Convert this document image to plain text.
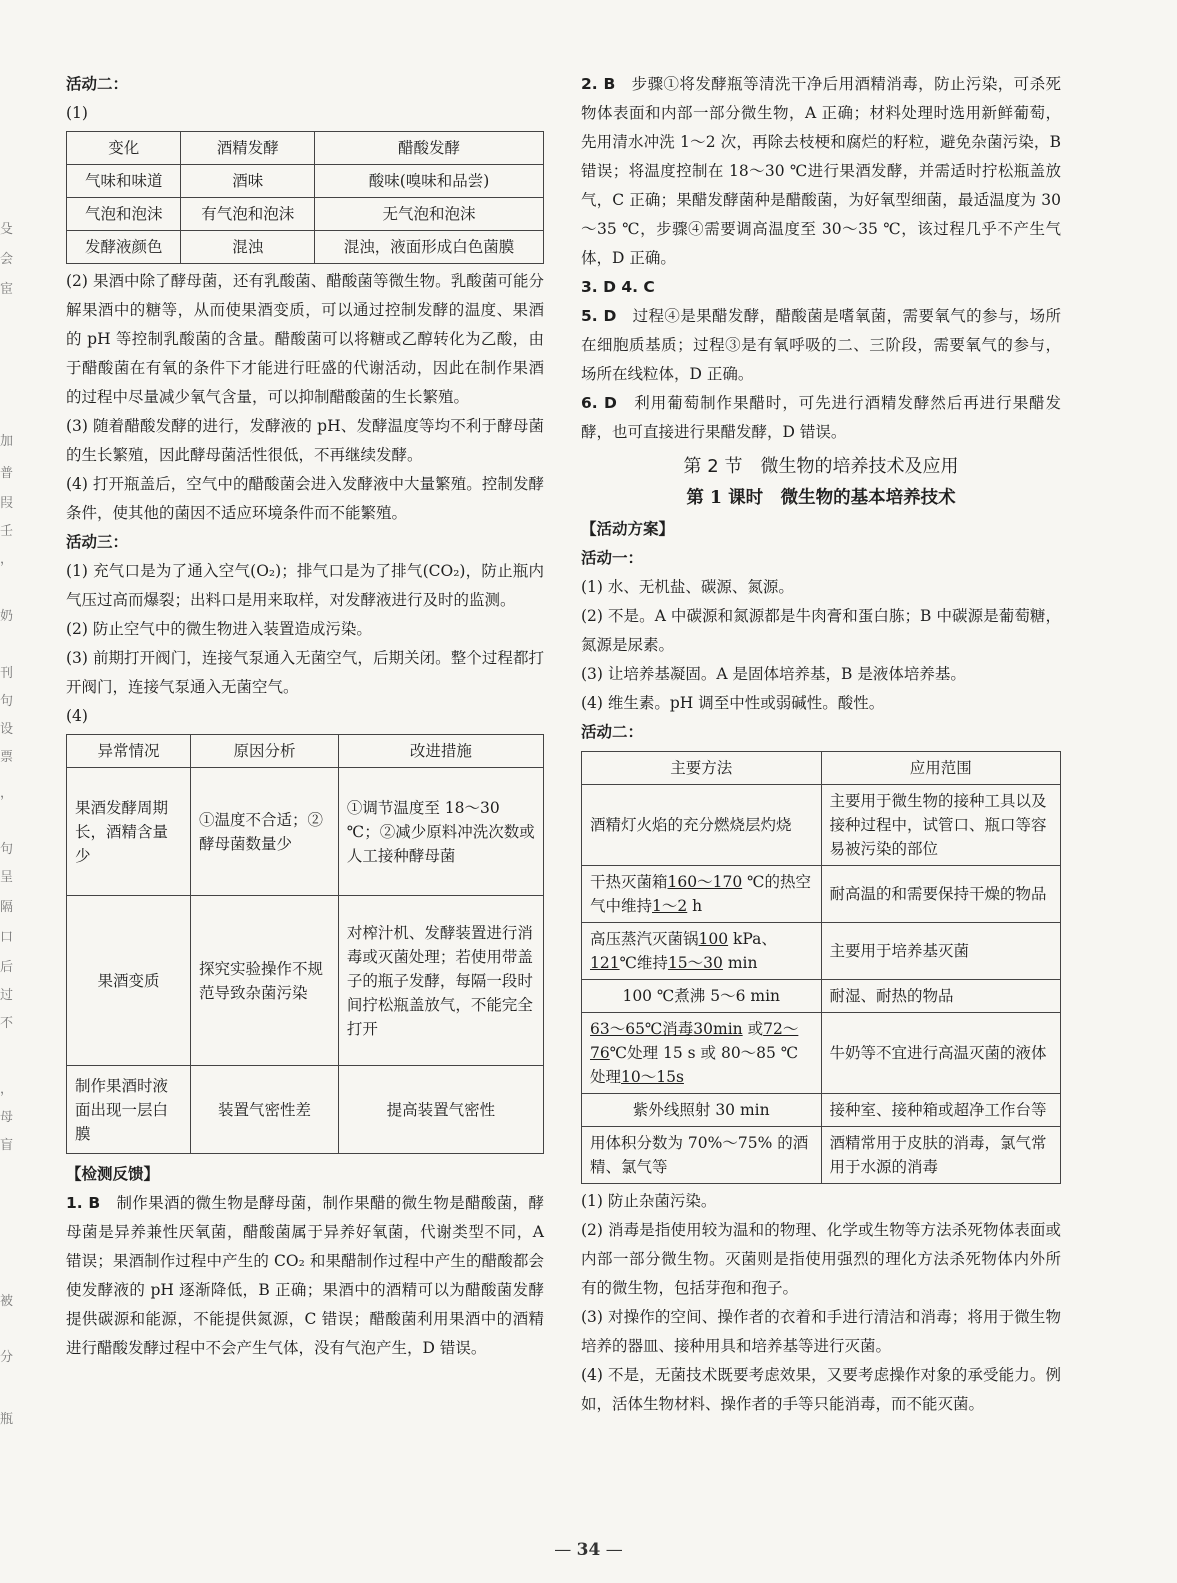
殳
会
宦
加
普
叚
壬
，
奶
刊
句
设
票
，
句
呈
隔
口
后
过
不
，
母
盲
被
分
瓶

活动二：

(1)

变化	酒精发酵	醋酸发酵
气味和味道	酒味	酸味(嗅味和品尝)
气泡和泡沫	有气泡和泡沫	无气泡和泡沫
发酵液颜色	混浊	混浊，液面形成白色菌膜

(2) 果酒中除了酵母菌，还有乳酸菌、醋酸菌等微生物。乳酸菌可能分解果酒中的糖等，从而使果酒变质，可以通过控制发酵的温度、果酒的 pH 等控制乳酸菌的含量。醋酸菌可以将糖或乙醇转化为乙酸，由于醋酸菌在有氧的条件下才能进行旺盛的代谢活动，因此在制作果酒的过程中尽量减少氧气含量，可以抑制醋酸菌的生长繁殖。

(3) 随着醋酸发酵的进行，发酵液的 pH、发酵温度等均不利于酵母菌的生长繁殖，因此酵母菌活性很低，不再继续发酵。

(4) 打开瓶盖后，空气中的醋酸菌会进入发酵液中大量繁殖。控制发酵条件，使其他的菌因不适应环境条件而不能繁殖。

活动三：

(1) 充气口是为了通入空气(O₂)；排气口是为了排气(CO₂)，防止瓶内气压过高而爆裂；出料口是用来取样，对发酵液进行及时的监测。

(2) 防止空气中的微生物进入装置造成污染。

(3) 前期打开阀门，连接气泵通入无菌空气，后期关闭。整个过程都打开阀门，连接气泵通入无菌空气。

(4)

异常情况	原因分析	改进措施
果酒发酵周期长，酒精含量少	①温度不合适；②酵母菌数量少	①调节温度至 18～30 ℃；②减少原料冲洗次数或人工接种酵母菌
果酒变质	探究实验操作不规范导致杂菌污染	对榨汁机、发酵装置进行消毒或灭菌处理；若使用带盖子的瓶子发酵，每隔一段时间拧松瓶盖放气，不能完全打开
制作果酒时液面出现一层白膜	装置气密性差	提高装置气密性

【检测反馈】

1. B　 制作果酒的微生物是酵母菌，制作果醋的微生物是醋酸菌，酵母菌是异养兼性厌氧菌，醋酸菌属于异养好氧菌，代谢类型不同，A 错误；果酒制作过程中产生的 CO₂ 和果醋制作过程中产生的醋酸都会使发酵液的 pH 逐渐降低，B 正确；果酒中的酒精可以为醋酸菌发酵提供碳源和能源，不能提供氮源，C 错误；醋酸菌利用果酒中的酒精进行醋酸发酵过程中不会产生气体，没有气泡产生，D 错误。

2. B　 步骤①将发酵瓶等清洗干净后用酒精消毒，防止污染，可杀死物体表面和内部一部分微生物，A 正确；材料处理时选用新鲜葡萄，先用清水冲洗 1～2 次，再除去枝梗和腐烂的籽粒，避免杂菌污染，B 错误；将温度控制在 18～30 ℃进行果酒发酵，并需适时拧松瓶盖放气，C 正确；果醋发酵菌种是醋酸菌，为好氧型细菌，最适温度为 30～35 ℃，步骤④需要调高温度至 30～35 ℃，该过程几乎不产生气体，D 正确。

3. D 4. C

5. D　 过程④是果醋发酵，醋酸菌是嗜氧菌，需要氧气的参与，场所在细胞质基质；过程③是有氧呼吸的二、三阶段，需要氧气的参与，场所在线粒体，D 正确。

6. D　 利用葡萄制作果醋时，可先进行酒精发酵然后再进行果醋发酵，也可直接进行果醋发酵，D 错误。

第 2 节　微生物的培养技术及应用

第 1 课时　微生物的基本培养技术

【活动方案】

活动一：

(1) 水、无机盐、碳源、氮源。

(2) 不是。A 中碳源和氮源都是牛肉膏和蛋白胨；B 中碳源是葡萄糖，氮源是尿素。

(3) 让培养基凝固。A 是固体培养基，B 是液体培养基。

(4) 维生素。pH 调至中性或弱碱性。酸性。

活动二：

主要方法	应用范围
酒精灯火焰的充分燃烧层灼烧	主要用于微生物的接种工具以及接种过程中，试管口、瓶口等容易被污染的部位
干热灭菌箱160～170 ℃的热空气中维持1～2 h	耐高温的和需要保持干燥的物品
高压蒸汽灭菌锅100 kPa、121℃维持15～30 min	主要用于培养基灭菌
100 ℃煮沸 5～6 min	耐湿、耐热的物品
63～65℃消毒30min 或72～76℃处理 15 s 或 80～85 ℃处理10～15s	牛奶等不宜进行高温灭菌的液体
紫外线照射 30 min	接种室、接种箱或超净工作台等
用体积分数为 70%～75% 的酒精、氯气等	酒精常用于皮肤的消毒，氯气常用于水源的消毒

(1) 防止杂菌污染。

(2) 消毒是指使用较为温和的物理、化学或生物等方法杀死物体表面或内部一部分微生物。灭菌则是指使用强烈的理化方法杀死物体内外所有的微生物，包括芽孢和孢子。

(3) 对操作的空间、操作者的衣着和手进行清洁和消毒；将用于微生物培养的器皿、接种用具和培养基等进行灭菌。

(4) 不是，无菌技术既要考虑效果，又要考虑操作对象的承受能力。例如，活体生物材料、操作者的手等只能消毒，而不能灭菌。

— 34 —
